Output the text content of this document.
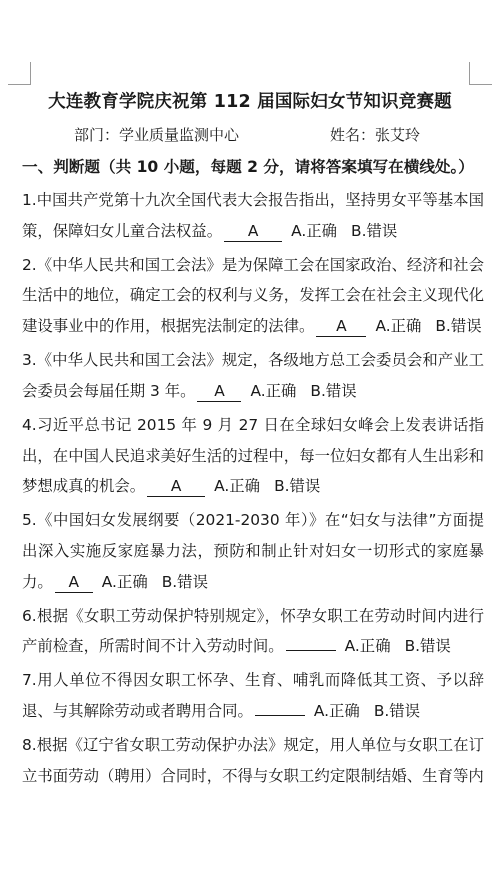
大连教育学院庆祝第 112 届国际妇女节知识竞赛题
部门：学业质量监测中心	姓名：张艾玲
一、判断题（共 10 小题，每题 2 分，请将答案填写在横线处。）
1.中国共产党第十九次全国代表大会报告指出，坚持男女平等基本国策，保障妇女儿童合法权益。 A A.正确 B.错误
2.《中华人民共和国工会法》是为保障工会在国家政治、经济和社会生活中的地位，确定工会的权利与义务，发挥工会在社会主义现代化建设事业中的作用，根据宪法制定的法律。 A A.正确 B.错误
3.《中华人民共和国工会法》规定，各级地方总工会委员会和产业工会委员会每届任期 3 年。 A A.正确 B.错误
4.习近平总书记 2015 年 9 月 27 日在全球妇女峰会上发表讲话指出，在中国人民追求美好生活的过程中，每一位妇女都有人生出彩和梦想成真的机会。 A A.正确 B.错误
5.《中国妇女发展纲要（2021-2030 年）》在“妇女与法律”方面提出深入实施反家庭暴力法，预防和制止针对妇女一切形式的家庭暴力。 A A.正确 B.错误
6.根据《女职工劳动保护特别规定》，怀孕女职工在劳动时间内进行产前检查，所需时间不计入劳动时间。	A.正确 B.错误
7.用人单位不得因女职工怀孕、生育、哺乳而降低其工资、予以辞退、与其解除劳动或者聘用合同。	A.正确 B.错误
8.根据《辽宁省女职工劳动保护办法》规定，用人单位与女职工在订立书面劳动（聘用）合同时，不得与女职工约定限制结婚、生育等内
